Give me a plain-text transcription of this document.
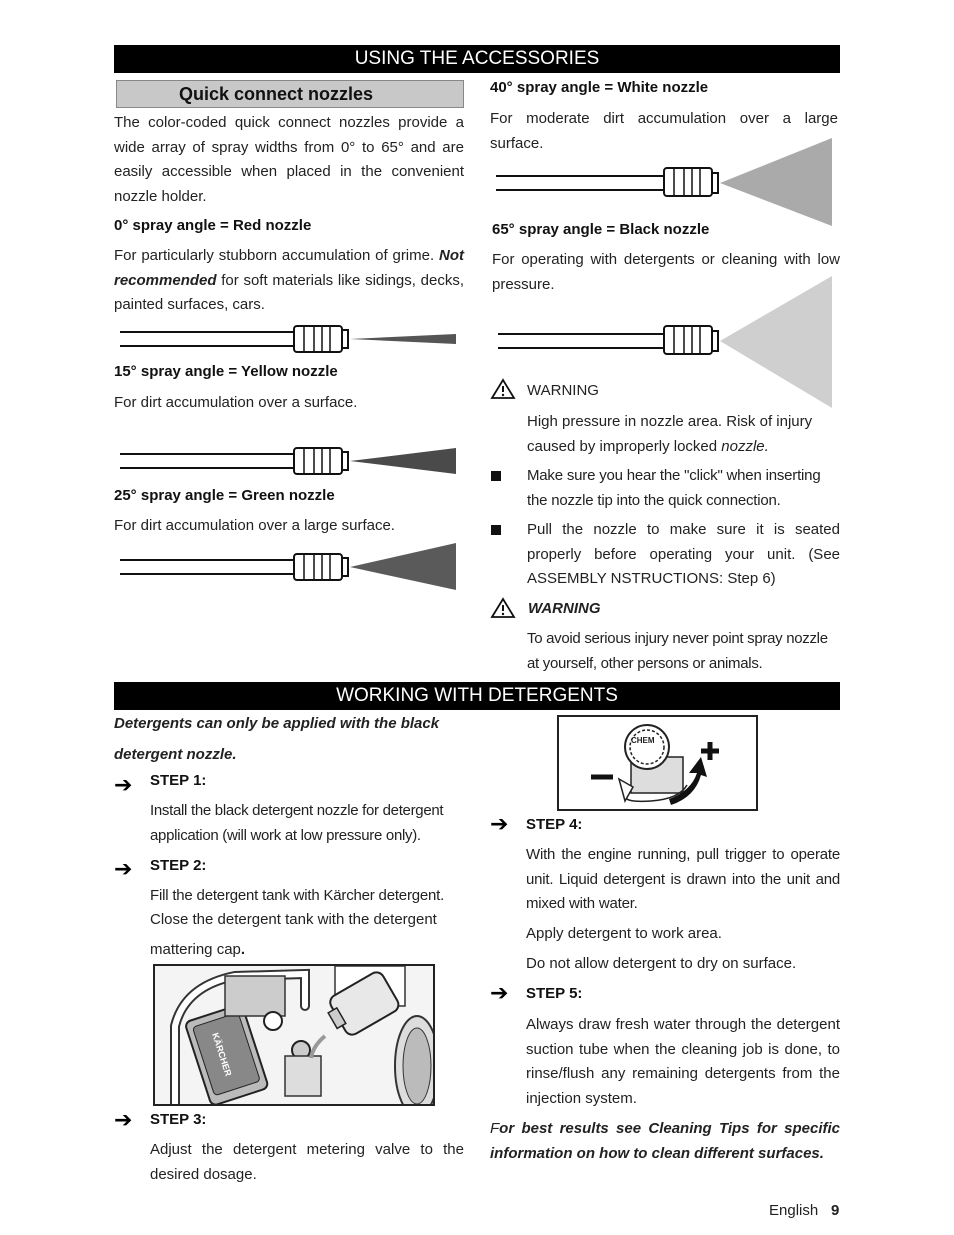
USING THE ACCESSORIES
Quick connect nozzles
The color-coded quick connect nozzles provide a wide array of spray widths from 0° to 65° and are easily accessible when placed in the convenient nozzle holder.
0° spray angle = Red nozzle
For particularly stubborn accumulation of grime. Not recommended for soft materials like sidings, decks, painted surfaces, cars.
15° spray angle = Yellow nozzle
For dirt accumulation over a surface.
25° spray angle = Green nozzle
For dirt accumulation over a large surface.
40° spray angle = White nozzle
For moderate dirt accumulation over a large surface.
65° spray angle = Black nozzle
For operating with detergents or cleaning with low pressure.
WARNING
High pressure in nozzle area. Risk of injury caused by improperly locked nozzle.
Make sure you hear the "click" when inserting the nozzle tip into the quick connection.
Pull the nozzle to make sure it is seated properly before operating your unit. (See ASSEMBLY NSTRUCTIONS: Step 6)
WARNING
To avoid serious injury never point spray nozzle at yourself, other persons or animals.
WORKING WITH DETERGENTS
Detergents can only be applied with the black
detergent nozzle.
➔ STEP 1:
Install the black detergent nozzle for detergent application (will work at low pressure only).
➔ STEP 2:
Fill the detergent tank with Kärcher detergent.
Close the detergent tank with the detergent
mattering cap.
KÄRCHER
➔ STEP 3:
Adjust the detergent metering valve to the desired dosage.
CHEM
➔ STEP 4:
With the engine running, pull trigger to operate unit. Liquid detergent is drawn into the unit and mixed with water.
Apply detergent to work area.
Do not allow detergent to dry on surface.
➔ STEP 5:
Always draw fresh water through the detergent suction tube when the cleaning job is done, to rinse/flush any remaining detergents from the injection system.
For best results see Cleaning Tips for specific information on how to clean different surfaces.
English 9
